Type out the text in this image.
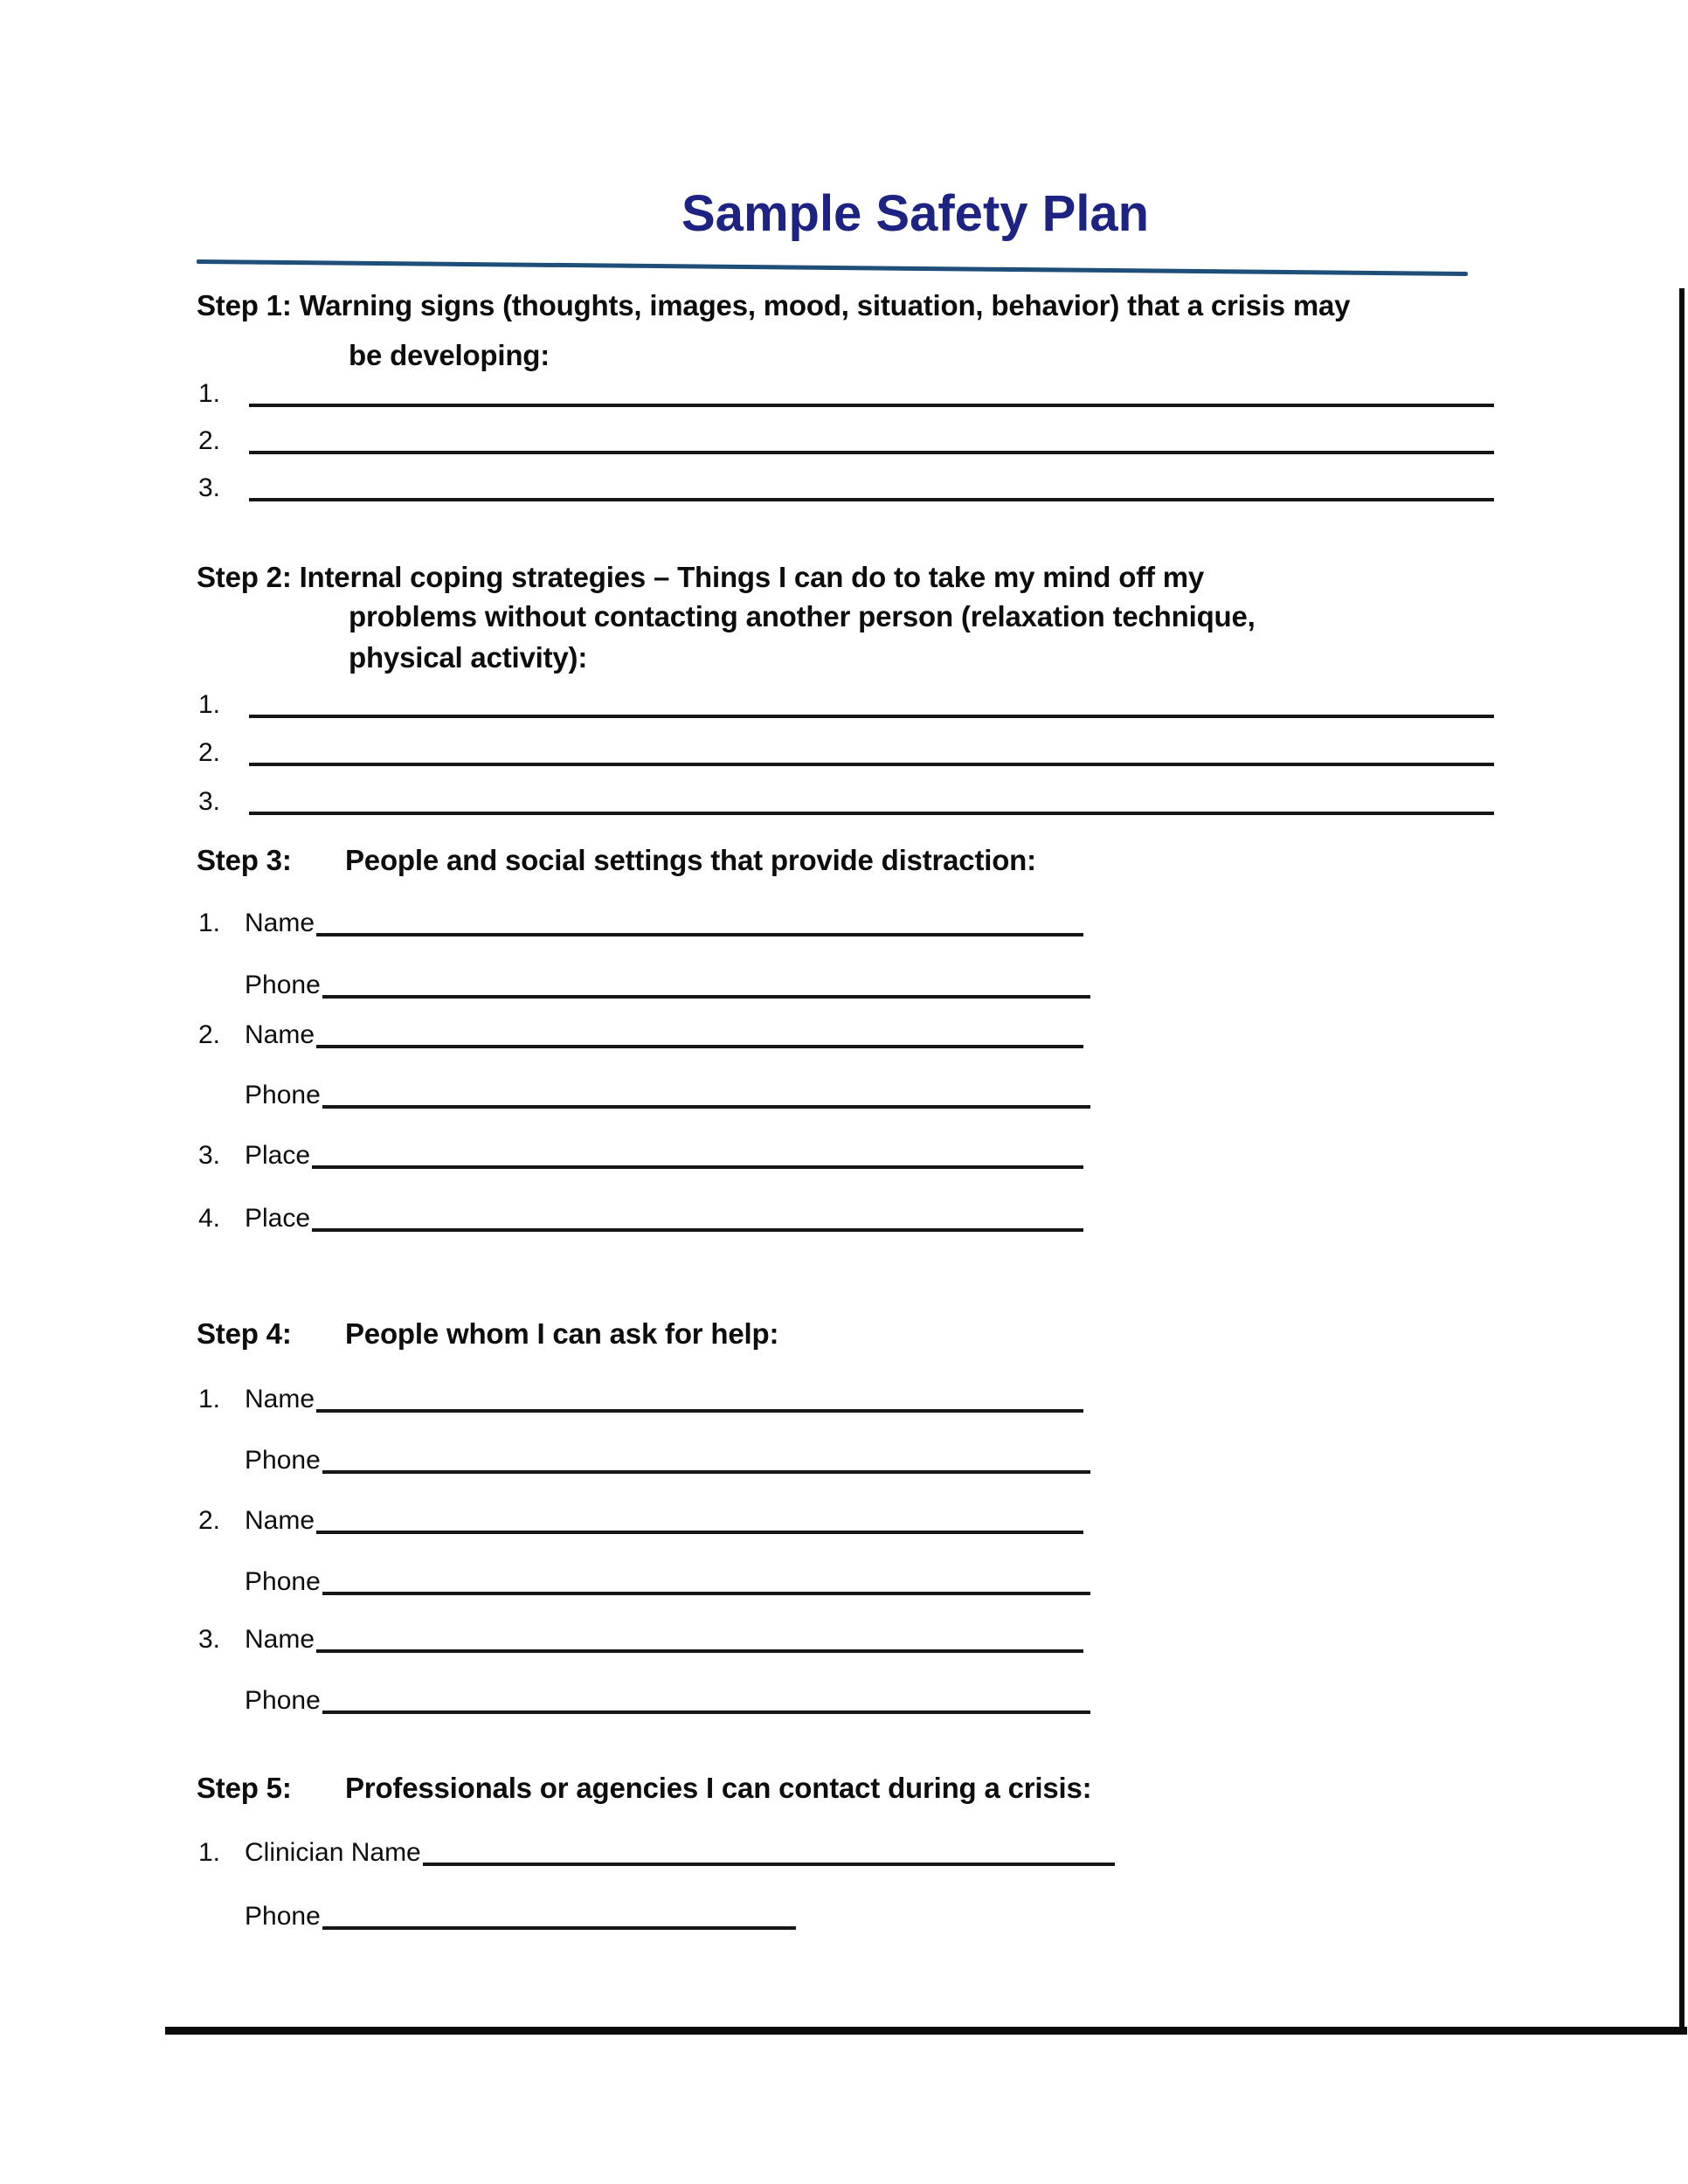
Sample Safety Plan
Step 1: Warning signs (thoughts, images, mood, situation, behavior) that a crisis may
be developing:
1.
2.
3.
Step 2: Internal coping strategies – Things I can do to take my mind off my
problems without contacting another person (relaxation technique,
physical activity):
1.
2.
3.
Step 3:	People and social settings that provide distraction:
1. Name
Phone
2. Name
Phone
3. Place
4. Place
Step 4:	People whom I can ask for help:
1. Name
Phone
2. Name
Phone
3. Name
Phone
Step 5:	Professionals or agencies I can contact during a crisis:
1. Clinician Name
Phone
